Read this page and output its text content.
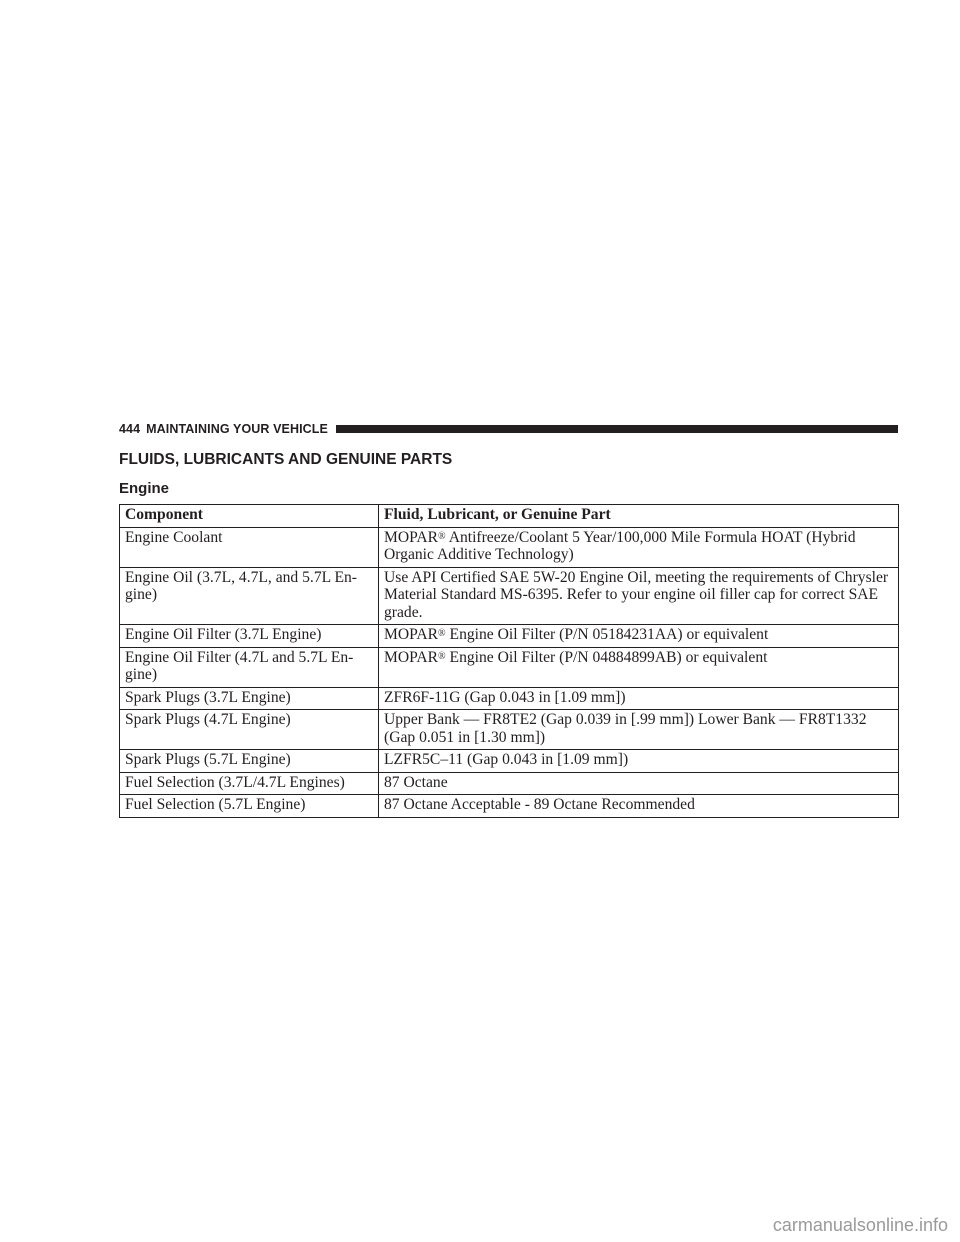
444 MAINTAINING YOUR VEHICLE
FLUIDS, LUBRICANTS AND GENUINE PARTS
Engine
Component	Fluid, Lubricant, or Genuine Part
Engine Coolant	MOPAR® Antifreeze/Coolant 5 Year/100,000 Mile Formula HOAT (Hybrid Organic Additive Technology)
Engine Oil (3.7L, 4.7L, and 5.7L En-gine)	Use API Certified SAE 5W-20 Engine Oil, meeting the requirements of Chrysler Material Standard MS-6395. Refer to your engine oil filler cap for correct SAE grade.
Engine Oil Filter (3.7L Engine)	MOPAR® Engine Oil Filter (P/N 05184231AA) or equivalent
Engine Oil Filter (4.7L and 5.7L En-gine)	MOPAR® Engine Oil Filter (P/N 04884899AB) or equivalent
Spark Plugs (3.7L Engine)	ZFR6F-11G (Gap 0.043 in [1.09 mm])
Spark Plugs (4.7L Engine)	Upper Bank — FR8TE2 (Gap 0.039 in [.99 mm]) Lower Bank — FR8T1332 (Gap 0.051 in [1.30 mm])
Spark Plugs (5.7L Engine)	LZFR5C–11 (Gap 0.043 in [1.09 mm])
Fuel Selection (3.7L/4.7L Engines)	87 Octane
Fuel Selection (5.7L Engine)	87 Octane Acceptable - 89 Octane Recommended
carmanualsonline.info
